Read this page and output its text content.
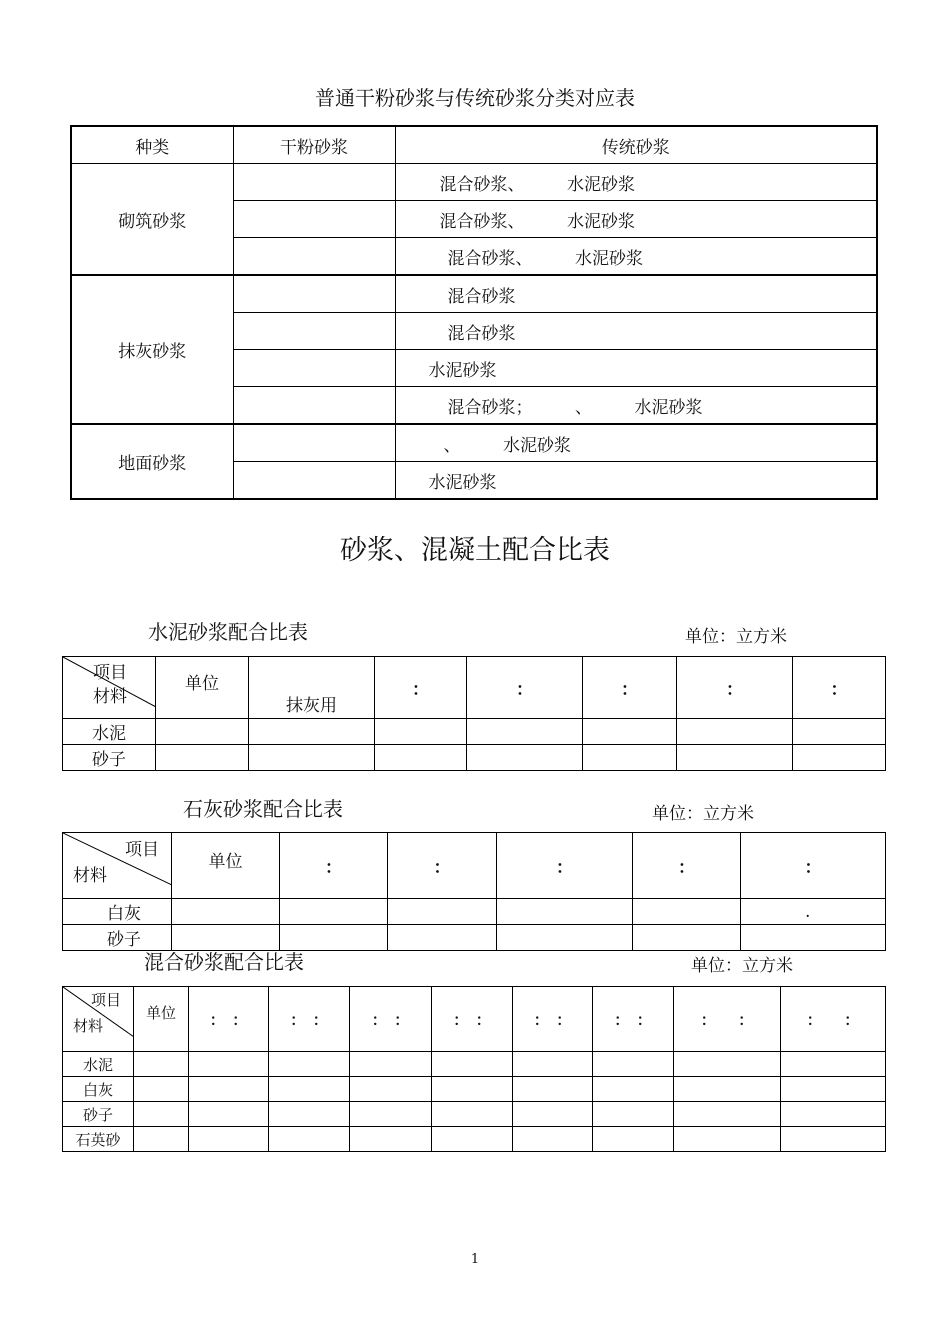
普通干粉砂浆与传统砂浆分类对应表
种类	干粉砂浆	传统砂浆
砌筑砂浆		混合砂浆、　　　水泥砂浆
		混合砂浆、　　　水泥砂浆
		混合砂浆、　　　水泥砂浆
抹灰砂浆		混合砂浆
		混合砂浆
		水泥砂浆
		混合砂浆；　　　、　　　水泥砂浆
地面砂浆		、　　　水泥砂浆
		水泥砂浆
砂浆、混凝土配合比表
水泥砂浆配合比表	单位：立方米
项目
材料	单位	抹灰用	：	：	：	：	：
水泥							
砂子							
石灰砂浆配合比表	单位：立方米
项目
材料	单位	：	：	：	：	：
白灰						.
砂子						
混合砂浆配合比表	单位：立方米
项目
材料	单位	：　：	：　：	：　：	：　：	：　：	：　：	：　　：	：　　：
水泥									
白灰									
砂子									
石英砂									
1
